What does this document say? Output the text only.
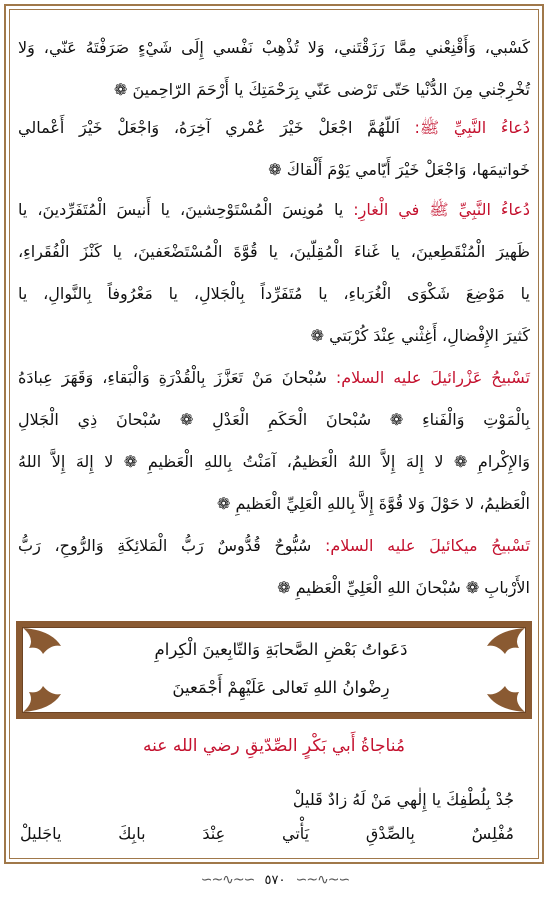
كَسْبي، وَأَقْنِعْني مِمَّا رَزَقْتَني، وَلا تُذْهِبْ نَفْسي إِلَى شَيْءٍ صَرَفْتَهُ عَنّي، وَلا
تُخْرِجْني مِنَ الدُّنْيا حَتّى تَرْضى عَنّي بِرَحْمَتِكَ يا أَرْحَمَ الرّاحِمينَ ❁
دُعاءُ النَّبِيِّ ﷺ: اَللّهُمَّ اجْعَلْ خَيْرَ عُمْري آخِرَهُ، وَاجْعَلْ خَيْرَ أَعْمالي
خَواتيمَها، وَاجْعَلْ خَيْرَ أَيّامي يَوْمَ أَلْقاكَ ❁
دُعاءُ النَّبِيِّ ﷺ في الْغارِ: يا مُونِسَ الْمُسْتَوْحِشينَ، يا أَنيسَ الْمُتَفَرِّدينَ، يا
ظَهيرَ الْمُنْقَطِعينَ، يا غَناءَ الْمُقِلّينَ، يا قُوَّةَ الْمُسْتَضْعَفينَ، يا كَنْزَ الْفُقَراءِ،
يا مَوْضِعَ شَكْوَى الْغُرَباءِ، يا مُتَفَرِّداً بِالْجَلالِ، يا مَعْرُوفاً بِالنَّوالِ، يا
كَثيرَ الإِفْضالِ، أَغِثْني عِنْدَ كُرْبَتي ❁
تَسْبيحُ عَزْرائيلَ عليه السلام: سُبْحانَ مَنْ تَعَزَّزَ بِالْقُدْرَةِ وَالْبَقاءِ، وَقَهَرَ عِبادَهُ
بِالْمَوْتِ وَالْفَناءِ ❁ سُبْحانَ الْحَكَمِ الْعَدْلِ ❁ سُبْحانَ ذِي الْجَلالِ
وَالإِكْرامِ ❁ لا إِلهَ إِلاَّ اللهُ الْعَظيمُ، آمَنْتُ بِاللهِ الْعَظيمِ ❁ لا إِلهَ إِلاَّ اللهُ
الْعَظيمُ، لا حَوْلَ وَلا قُوَّةَ إِلاَّ بِاللهِ الْعَلِيِّ الْعَظيمِ ❁
تَسْبيحُ ميكائيلَ عليه السلام: سُبُّوحٌ قُدُّوسٌ رَبُّ الْمَلائِكَةِ وَالرُّوحِ، رَبُّ
الأَرْبابِ ❁ سُبْحانَ اللهِ الْعَلِيِّ الْعَظيمِ ❁
دَعَواتُ بَعْضِ الصَّحابَةِ وَالتّابِعينَ الْكِرامِ
رِضْوانُ اللهِ تَعالى عَلَيْهِمْ أَجْمَعينَ
مُناجاةُ أَبي بَكْرٍ الصِّدّيقِ رضي الله عنه
جُدْ بِلُطْفِكَ يا إِلٰهي مَنْ لَهُ زادٌ قَليلْ
مُفْلِسٌ بِالصِّدْقِ يَأْتي عِنْدَ بابِكَ ياجَليلْ
∽~∿~∽ ٥٧٠ ∽~∿~∽
